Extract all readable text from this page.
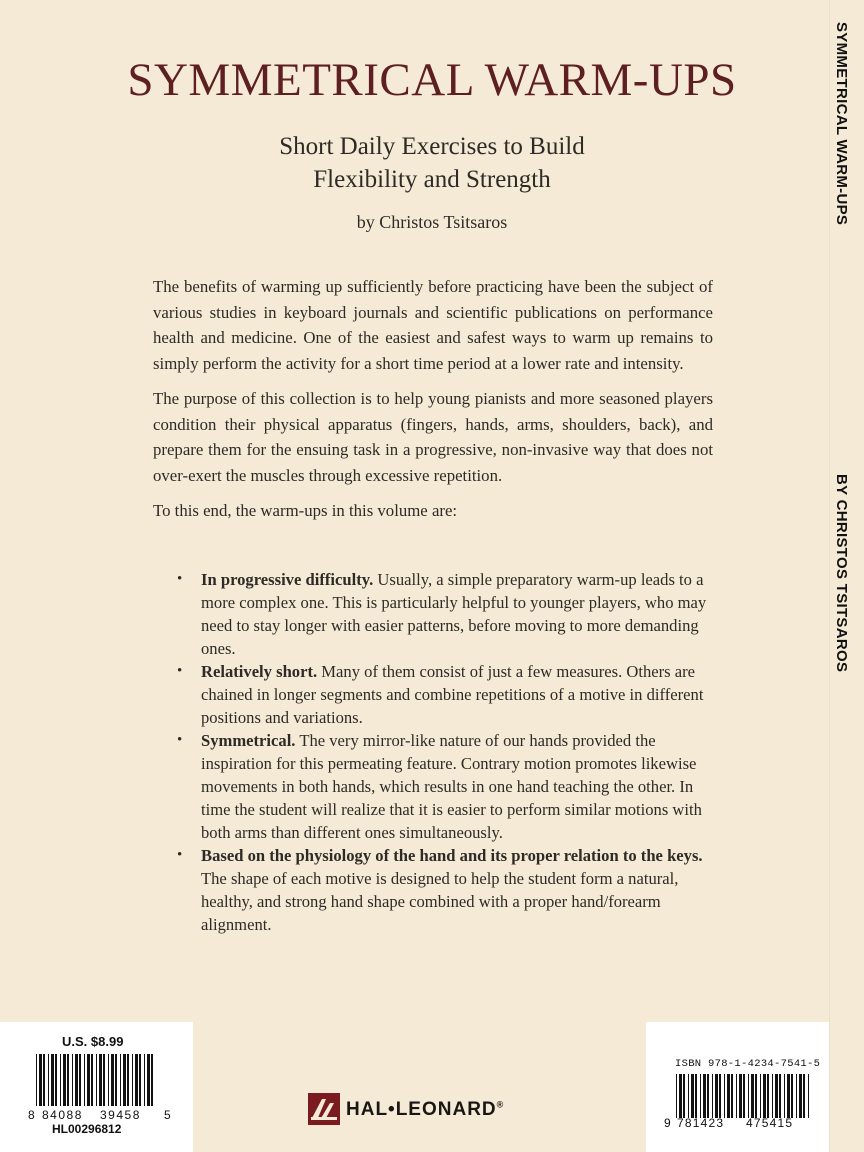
SYMMETRICAL WARM-UPS
Short Daily Exercises to Build
Flexibility and Strength
by Christos Tsitsaros

The benefits of warming up sufficiently before practicing have been the subject of various studies in keyboard journals and scientific publications on performance health and medicine. One of the easiest and safest ways to warm up remains to simply perform the activity for a short time period at a lower rate and intensity.

The purpose of this collection is to help young pianists and more seasoned players condition their physical apparatus (fingers, hands, arms, shoulders, back), and prepare them for the ensuing task in a progressive, non-invasive way that does not over-exert the muscles through excessive repetition.

To this end, the warm-ups in this volume are:

• In progressive difficulty. Usually, a simple preparatory warm-up leads to a more complex one. This is particularly helpful to younger players, who may need to stay longer with easier patterns, before moving to more demanding ones.
• Relatively short. Many of them consist of just a few measures. Others are chained in longer segments and combine repetitions of a motive in different positions and variations.
• Symmetrical. The very mirror-like nature of our hands provided the inspiration for this permeating feature. Contrary motion promotes likewise movements in both hands, which results in one hand teaching the other. In time the student will realize that it is easier to perform similar motions with both arms than different ones simultaneously.
• Based on the physiology of the hand and its proper relation to the keys. The shape of each motive is designed to help the student form a natural, healthy, and strong hand shape combined with a proper hand/forearm alignment.
U.S. $8.99
8 84088 39458 5
HL00296812
HAL•LEONARD®
ISBN 978-1-4234-7541-5
9 781423 475415
SYMMETRICAL WARM-UPS
BY CHRISTOS TSITSAROS
